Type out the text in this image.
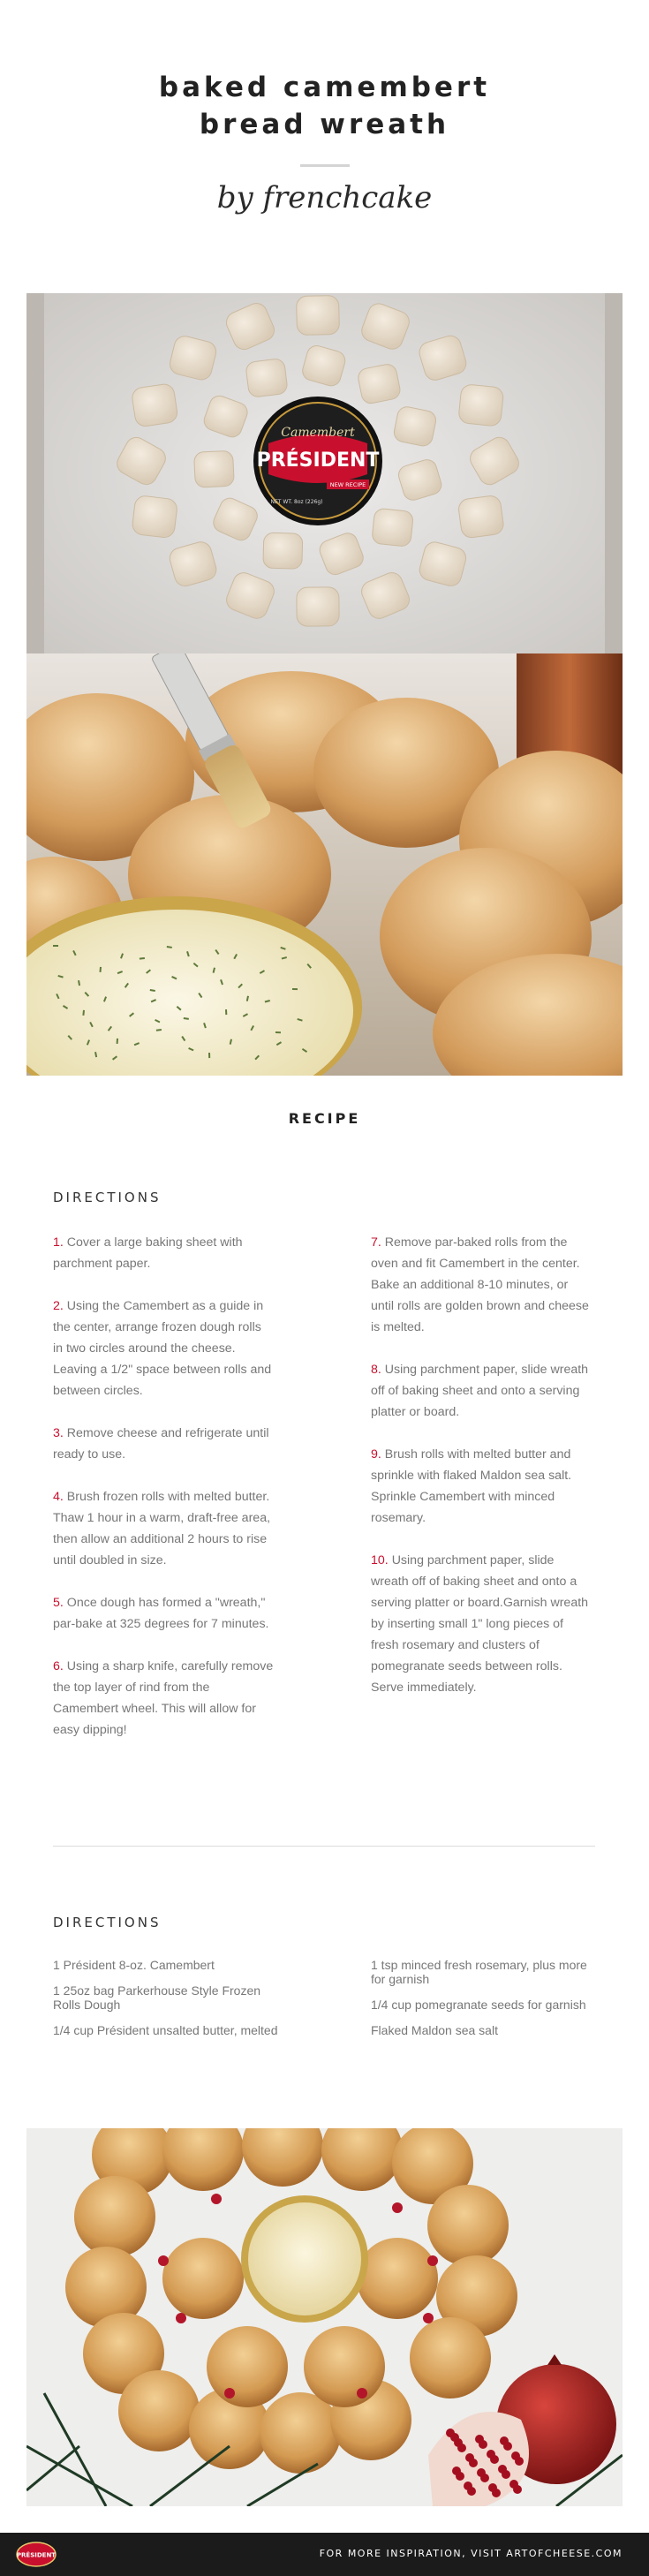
baked camembert
bread wreath
by frenchcake
Camembert
PRÉSIDENT
NEW RECIPE
NET WT. 8oz (226g)
RECIPE
DIRECTIONS

1. Cover a large baking sheet with parchment paper.

2. Using the Camembert as a guide in the center, arrange frozen dough rolls in two circles around the cheese. Leaving a 1/2" space between rolls and between circles.

3. Remove cheese and refrigerate until ready to use.

4. Brush frozen rolls with melted butter. Thaw 1 hour in a warm, draft-free area, then allow an additional 2 hours to rise until doubled in size.

5. Once dough has formed a "wreath," par-bake at 325 degrees for 7 minutes.

6. Using a sharp knife, carefully remove the top layer of rind from the Camembert wheel. This will allow for easy dipping!

7. Remove par-baked rolls from the oven and fit Camembert in the center. Bake an additional 8-10 minutes, or until rolls are golden brown and cheese is melted.

8. Using parchment paper, slide wreath off of baking sheet and onto a serving platter or board.

9. Brush rolls with melted butter and sprinkle with flaked Maldon sea salt. Sprinkle Camembert with minced rosemary.

10. Using parchment paper, slide wreath off of baking sheet and onto a serving platter or board.Garnish wreath by inserting small 1" long pieces of fresh rosemary and clusters of pomegranate seeds between rolls. Serve immediately.

DIRECTIONS

1 Président 8-oz. Camembert

1 25oz bag Parkerhouse Style Frozen Rolls Dough

1/4 cup Président unsalted butter, melted

1 tsp minced fresh rosemary, plus more for garnish

1/4 cup pomegranate seeds for garnish

Flaked Maldon sea salt

PRÉSIDENT	FOR MORE INSPIRATION, VISIT ARTOFCHEESE.COM
